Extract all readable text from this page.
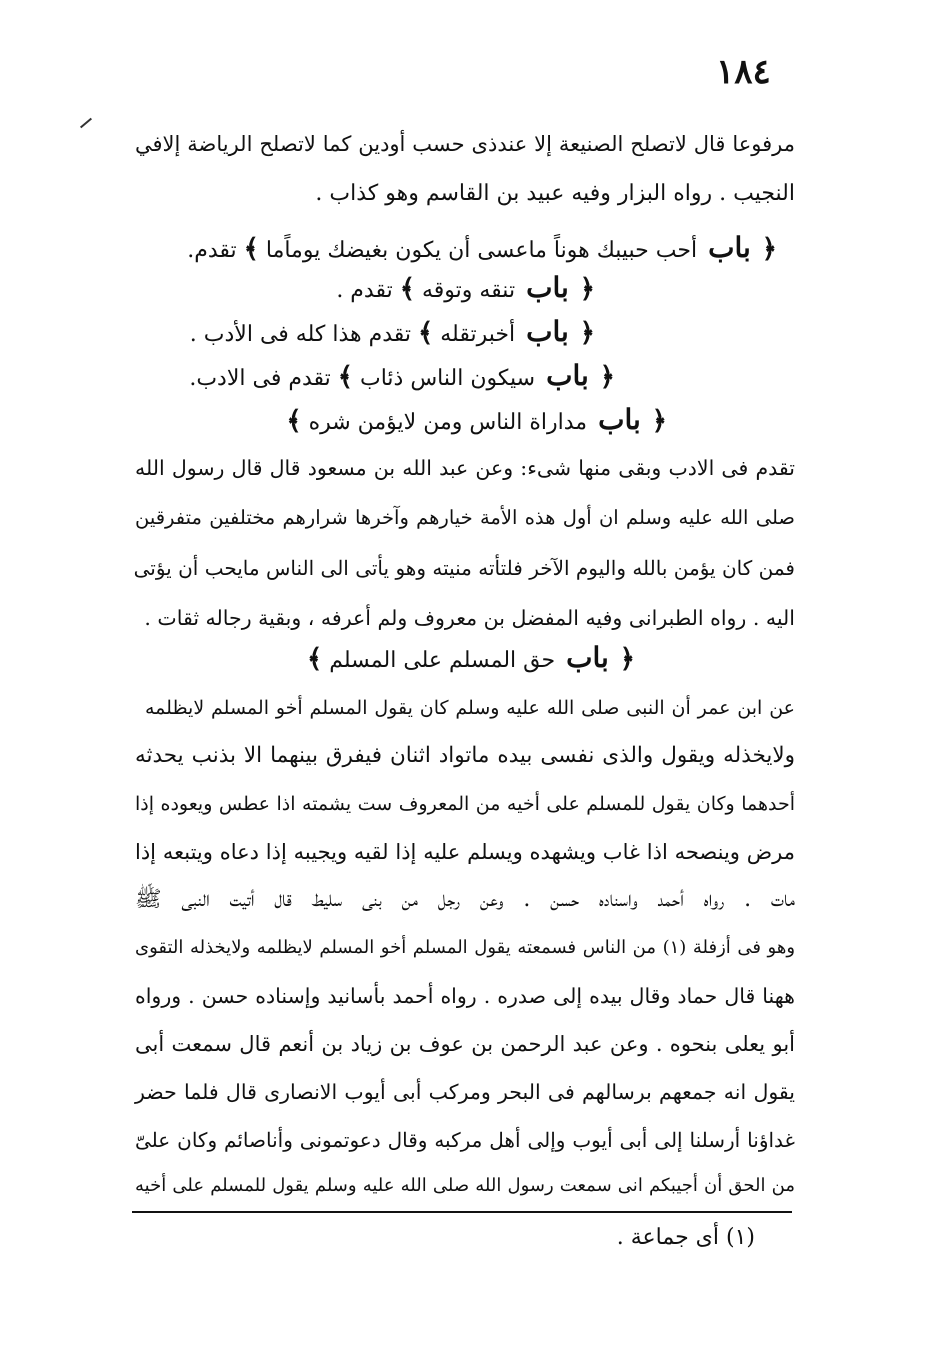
١٨٤
مرفوعا قال لاتصلح الصنيعة إلا عندذى حسب أودين كما لاتصلح الرياضة إلافي
النجيب . رواه البزار وفيه عبيد بن القاسم وهو كذاب .
﴿ باب أحب حبيبك هوناً ماعسى أن يكون بغيضك يوماًما ﴾ تقدم.
﴿ باب تنقه وتوقه ﴾ تقدم .
﴿ باب أخبرتقله ﴾ تقدم هذا كله فى الأدب .
﴿ باب سيكون الناس ذئاب ﴾ تقدم فى الادب.
﴿ باب مداراة الناس ومن لايؤمن شره ﴾
تقدم فى الادب وبقى منها شىء: وعن عبد الله بن مسعود قال قال رسول الله
صلى الله عليه وسلم ان أول هذه الأمة خيارهم وآخرها شرارهم مختلفين متفرقين
فمن كان يؤمن بالله واليوم الآخر فلتأته منيته وهو يأتى الى الناس مايحب أن يؤتى
اليه . رواه الطبرانى وفيه المفضل بن معروف ولم أعرفه ، وبقية رجاله ثقات .
﴿ باب حق المسلم على المسلم ﴾
عن ابن عمر أن النبى صلى الله عليه وسلم كان يقول المسلم أخو المسلم لايظلمه
ولايخذله ويقول والذى نفسى بيده ماتواد اثنان فيفرق بينهما الا بذنب يحدثه
أحدهما وكان يقول للمسلم على أخيه من المعروف ست يشمته اذا عطس ويعوده إذا
مرض وينصحه اذا غاب ويشهده ويسلم عليه إذا لقيه ويجيبه إذا دعاه ويتبعه إذا
مات . رواه أحمد واسناده حسن . وعن رجل من بنى سليط قال أتيت النبى ﷺ
وهو فى أزفلة (١) من الناس فسمعته يقول المسلم أخو المسلم لايظلمه ولايخذله التقوى
ههنا قال حماد وقال بيده إلى صدره . رواه أحمد بأسانيد وإسناده حسن . ورواه
أبو يعلى بنحوه . وعن عبد الرحمن بن عوف بن زياد بن أنعم قال سمعت أبى
يقول انه جمعهم برسالهم فى البحر ومركب أبى أيوب الانصارى قال فلما حضر
غداؤنا أرسلنا إلى أبى أيوب وإلى أهل مركبه وقال دعوتمونى وأناصائم وكان علىّ
من الحق أن أجيبكم انى سمعت رسول الله صلى الله عليه وسلم يقول للمسلم على أخيه
(١) أى جماعة .
